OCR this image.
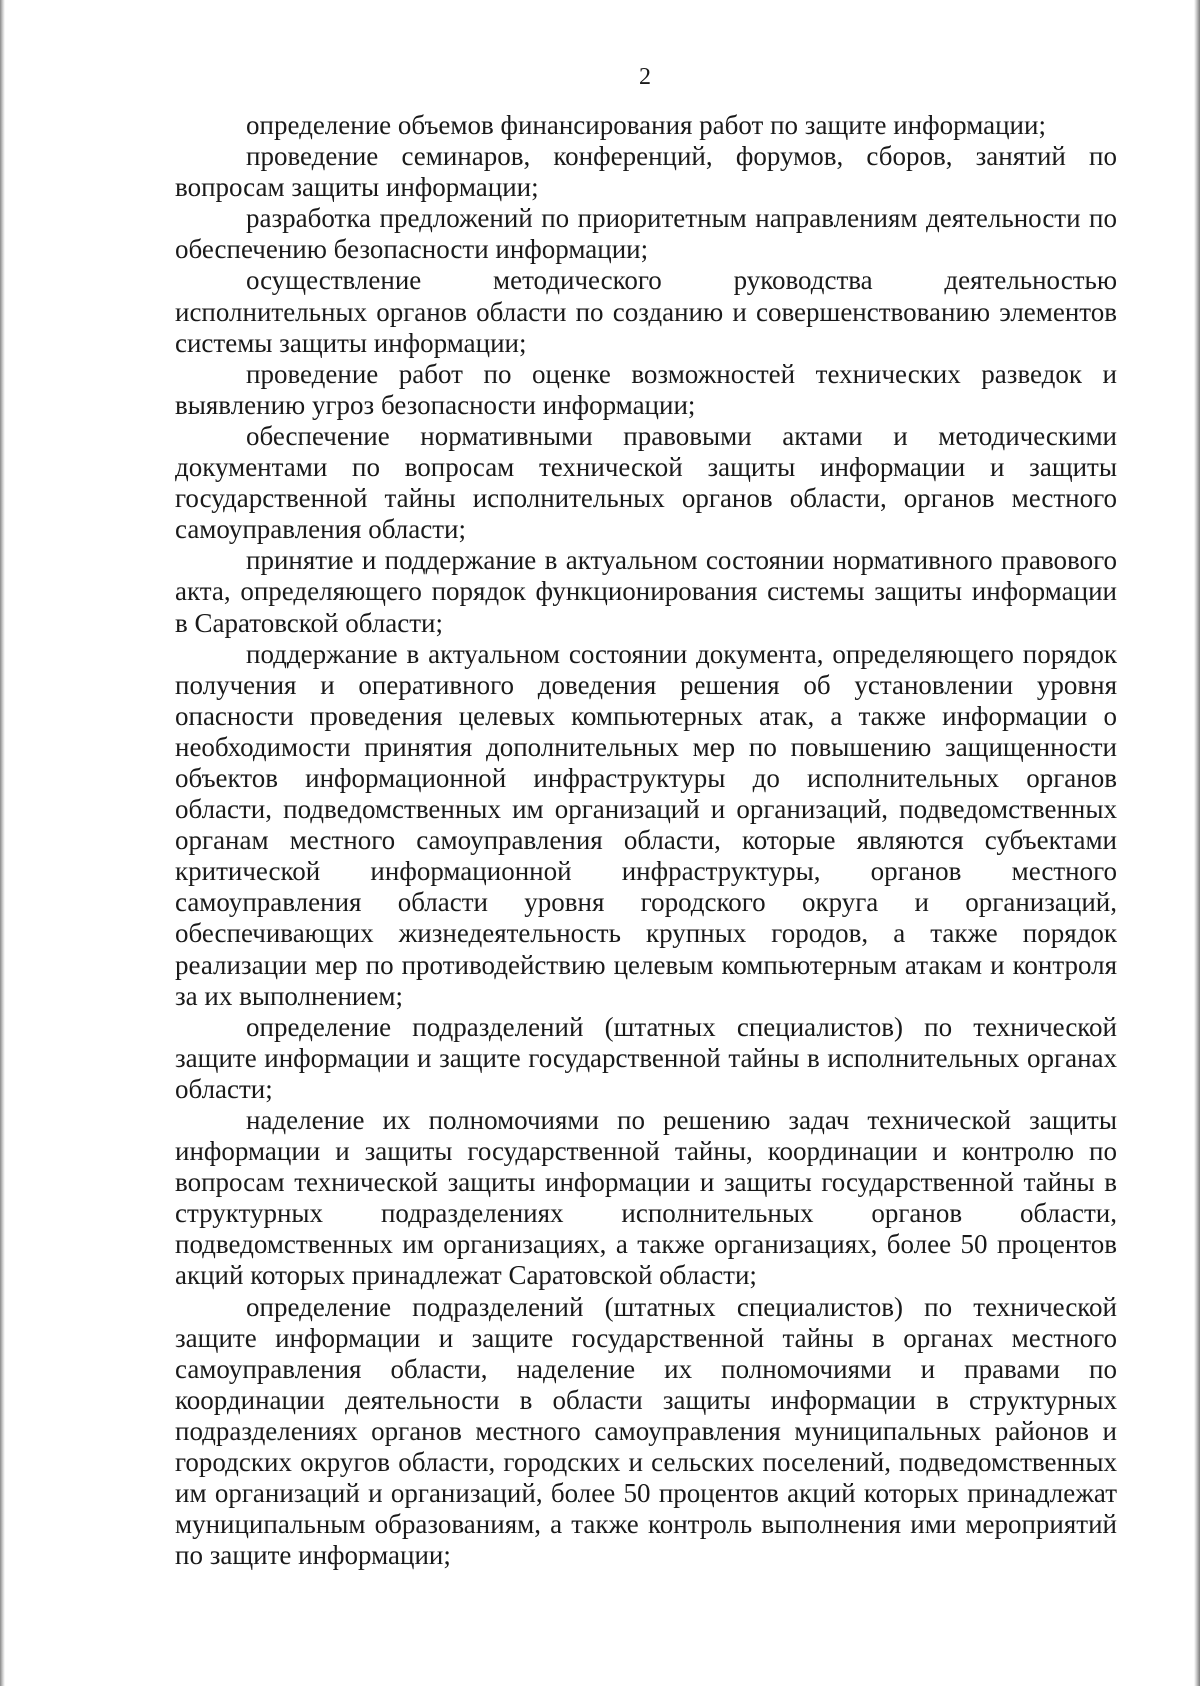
2

определение объемов финансирования работ по защите информации;

проведение семинаров, конференций, форумов, сборов, занятий по вопросам защиты информации;

разработка предложений по приоритетным направлениям деятельности по обеспечению безопасности информации;

осуществление методического руководства деятельностью исполнительных органов области по созданию и совершенствованию элементов системы защиты информации;

проведение работ по оценке возможностей технических разведок и выявлению угроз безопасности информации;

обеспечение нормативными правовыми актами и методическими документами по вопросам технической защиты информации и защиты государственной тайны исполнительных органов области, органов местного самоуправления области;

принятие и поддержание в актуальном состоянии нормативного правового акта, определяющего порядок функционирования системы защиты информации в Саратовской области;

поддержание в актуальном состоянии документа, определяющего порядок получения и оперативного доведения решения об установлении уровня опасности проведения целевых компьютерных атак, а также информации о необходимости принятия дополнительных мер по повышению защищенности объектов информационной инфраструктуры до исполнительных органов области, подведомственных им организаций и организаций, подведомственных органам местного самоуправления области, которые являются субъектами критической информационной инфраструктуры, органов местного самоуправления области уровня городского округа и организаций, обеспечивающих жизнедеятельность крупных городов, а также порядок реализации мер по противодействию целевым компьютерным атакам и контроля за их выполнением;

определение подразделений (штатных специалистов) по технической защите информации и защите государственной тайны в исполнительных органах области;

наделение их полномочиями по решению задач технической защиты информации и защиты государственной тайны, координации и контролю по вопросам технической защиты информации и защиты государственной тайны в структурных подразделениях исполнительных органов области, подведомственных им организациях, а также организациях, более 50 процентов акций которых принадлежат Саратовской области;

определение подразделений (штатных специалистов) по технической защите информации и защите государственной тайны в органах местного самоуправления области, наделение их полномочиями и правами по координации деятельности в области защиты информации в структурных подразделениях органов местного самоуправления муниципальных районов и городских округов области, городских и сельских поселений, подведомственных им организаций и организаций, более 50 процентов акций которых принадлежат муниципальным образованиям, а также контроль выполнения ими мероприятий по защите информации;
